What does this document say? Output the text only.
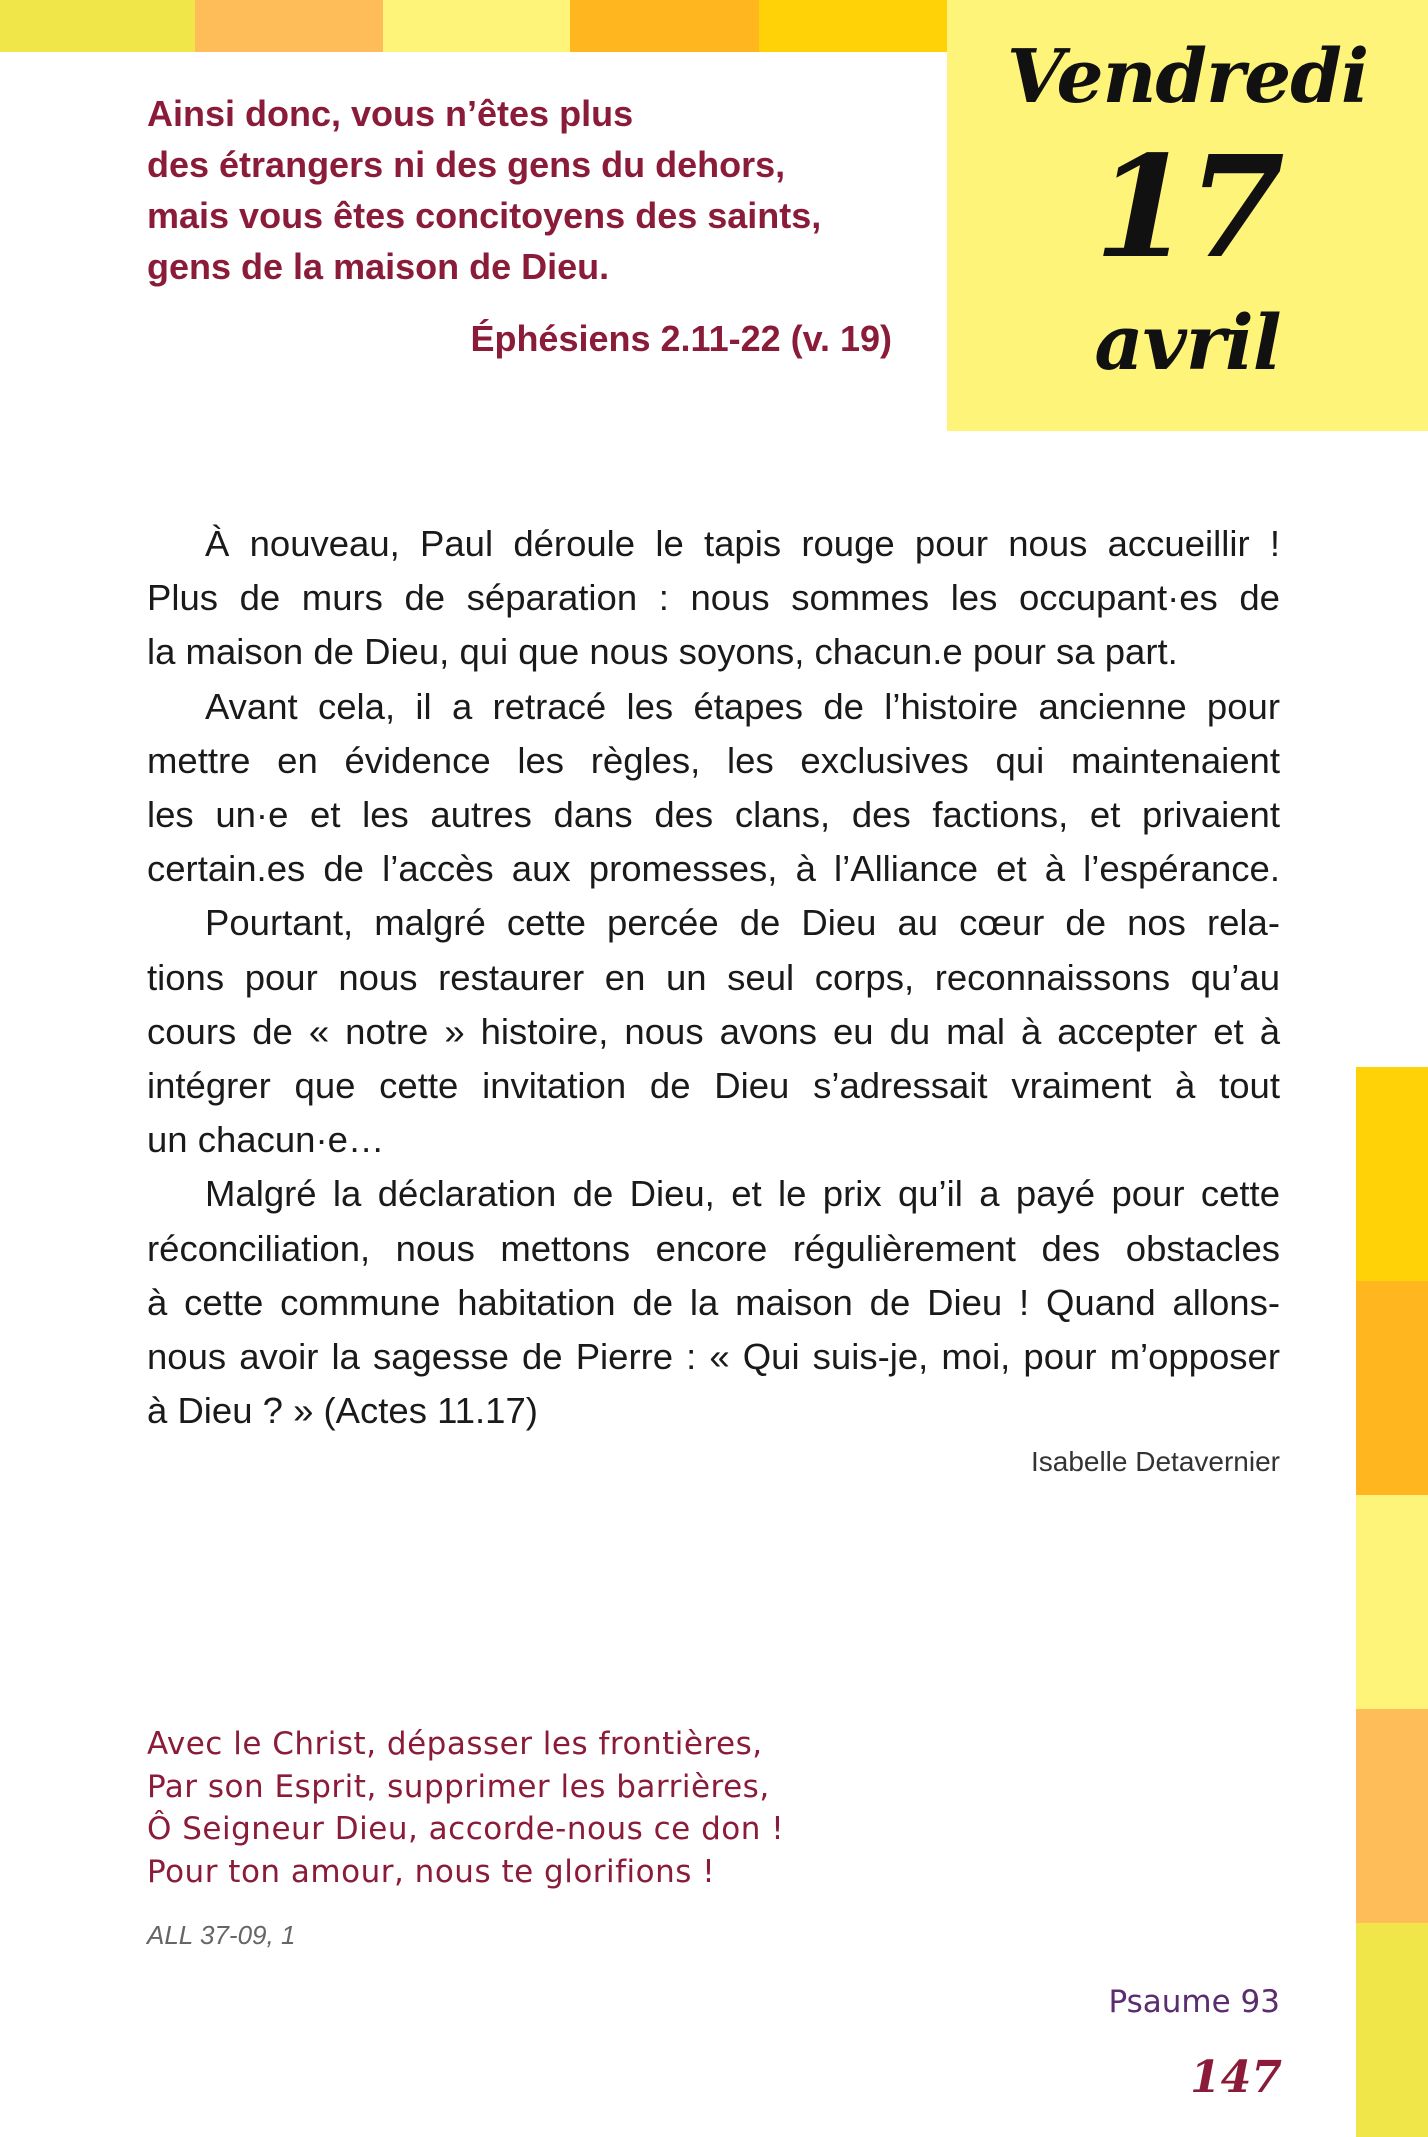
Vendredi
17
avril
Ainsi donc, vous n’êtes plus
des étrangers ni des gens du dehors,
mais vous êtes concitoyens des saints,
gens de la maison de Dieu.
Éphésiens 2.11-22 (v. 19)
À nouveau, Paul déroule le tapis rouge pour nous accueillir !
Plus de murs de séparation : nous sommes les occupant·es de
la maison de Dieu, qui que nous soyons, chacun.e pour sa part.
Avant cela, il a retracé les étapes de l’histoire ancienne pour
mettre en évidence les règles, les exclusives qui maintenaient
les un·e et les autres dans des clans, des factions, et privaient
certain.es de l’accès aux promesses, à l’Alliance et à l’espérance.
Pourtant, malgré cette percée de Dieu au cœur de nos rela-
tions pour nous restaurer en un seul corps, reconnaissons qu’au
cours de « notre » histoire, nous avons eu du mal à accepter et à
intégrer que cette invitation de Dieu s’adressait vraiment à tout
un chacun·e…
Malgré la déclaration de Dieu, et le prix qu’il a payé pour cette
réconciliation, nous mettons encore régulièrement des obstacles
à cette commune habitation de la maison de Dieu ! Quand allons-
nous avoir la sagesse de Pierre : « Qui suis-je, moi, pour m’opposer
à Dieu ? » (Actes 11.17)
Isabelle Detavernier
Avec le Christ, dépasser les frontières,
Par son Esprit, supprimer les barrières,
Ô Seigneur Dieu, accorde-nous ce don !
Pour ton amour, nous te glorifions !
ALL 37-09, 1
Psaume 93
147
